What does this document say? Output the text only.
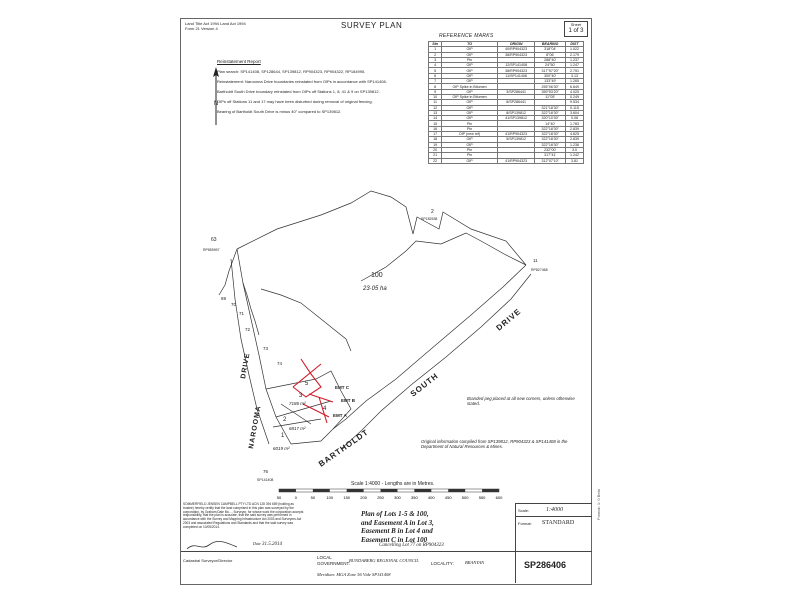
Land Title Act 1994 Land Act 1994
Form 21 Version 4	SURVEY PLAN	Sheet
1 of 3
REFERENCE MARKS
Stn	TO	ORIGIN	BEARING	DIST
1	OIP	40/RP904323	318°04'	1.022
2	OIP	38/RP904323	8°06'	2.179
3	Pin		288°40'	1.237
4	OIP	12/SP141408	24°50'	1.247
5	OIP	38/RP904323	317°57'20"	2.751
6	OIP	11/SP141408	300°40'	3.13
7	OIP		133°49'	1.265
8	OIP Spike in Bitumen		255°06'30"	6.849
9	OIP	3/SP286441	359°53'20"	4.025
10	OIP Spike in Bitumen		11°05'	0.249
11	OIP	8/SP286441		9.534
12	OIP		321°18'30"	0.115
13	OIP	8/SP139812	322°18'30"	3.604
14	OIP	41/SP139812	320°10'30"	0.08
15	Pin		14°40'	1.783
16	Pin		322°18'30"	2.839
17	OIP (new ref)	41/RP904323	322°18'30"	4.625
18	OIP	5/SP139812	322°18'30"	2.839
19	OIP		322°18'30"	1.236
20	Pin		232°00'	3.0
21	Pin		317°41'	1.242
22	OIP	41/RP904323	312°07'10"	3.81
N
Reinstatement Report

Plan search: SP141408, SP128644, SP139812, RP904323, RP904322, RP184995.

Reinstatement: Naroonna Drive boundaries reinstated from OIPs in accordance with SP141408.

Bartholdt South Drive boundary reinstated from OIPs off Stations 1, 8, 41 & 9 on SP139812.

OIPs off Stations 11 and 17 may have been disturbed during removal of original fencing.

Bearing of Bartholdt South Drive is minus 40" compared to SP139812.

100
23·05 ha
1
6019 m²
2
6817 m²
3
7186 m²
4
5
EMT A
EMT B
EMT C
NAROOMA
DRIVE
BARTHOLDT
SOUTH
DRIVE
2
SP182538
63
RP855997
69
70
71
72
73
74
76
SP141408
11
RP827468
Branded peg placed at all new corners, unless otherwise stated.
Original information compiled from SP139812, RP904323 & SP141408 in the Department of Natural Resources & Mines.
Scale 1:4000 - Lengths are in Metres.
50	0	50	100	150	200	250	300	350	400	450	500	550	600
SOMMERFIELD JENSEN CAMPBELL PTY LTD ACN 128 394 689 (holding as trustee) hereby certify that the land comprised in this plan was surveyed by the corporation, by Graham Dale Mc..., Surveyor, for whose work the corporation accepts responsibility, that the plan is accurate, that the said survey was performed in accordance with the Survey and Mapping Infrastructure Act 2003 and Surveyors Act 2003 and associated Regulations and Standards and that the said survey was completed on 10/05/2014.
Cadastral Surveyor/Director
Date 31.5.2014
Plan of Lots 1-5 & 100,
and Easement A in Lot 3,
Easement B in Lot 4 and
Easement C in Lot 100
Cancelling Lot 77 on RP904323
Scale:	1:4000
Format: STANDARD
SP286406
LOCAL
GOVERNMENT:
BUNDABERG REGIONAL COUNCIL
LOCALITY: BRANYAN
Meridian: MGA Zone 56 Vide SP141408
Format: 1: 0 Beta
